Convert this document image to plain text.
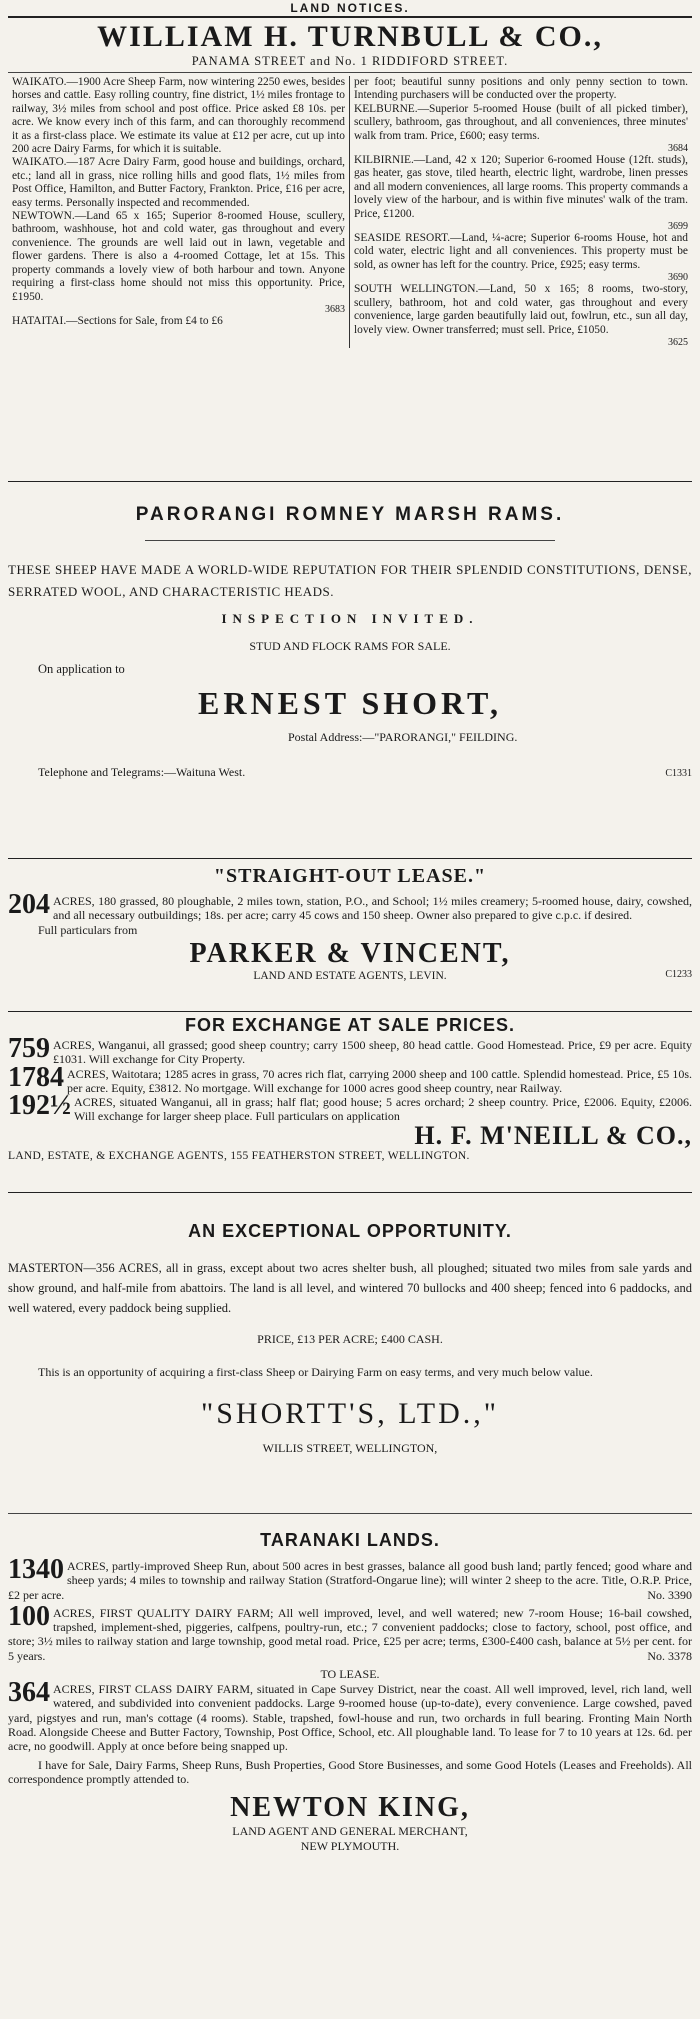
LAND NOTICES.
WILLIAM H. TURNBULL & CO.,
PANAMA STREET and No. 1 RIDDIFORD STREET.

WAIKATO.—1900 Acre Sheep Farm, now wintering 2250 ewes, besides horses and cattle. Easy rolling country, fine district, 1½ miles frontage to railway, 3½ miles from school and post office. Price asked £8 10s. per acre. We know every inch of this farm, and can thoroughly recommend it as a first-class place. We estimate its value at £12 per acre, cut up into 200 acre Dairy Farms, for which it is suitable.

WAIKATO.—187 Acre Dairy Farm, good house and buildings, orchard, etc.; land all in grass, nice rolling hills and good flats, 1½ miles from Post Office, Hamilton, and Butter Factory, Frankton. Price, £16 per acre, easy terms. Personally inspected and recommended.

NEWTOWN.—Land 65 x 165; Superior 8-roomed House, scullery, bathroom, washhouse, hot and cold water, gas throughout and every convenience. The grounds are well laid out in lawn, vegetable and flower gardens. There is also a 4-roomed Cottage, let at 15s. This property commands a lovely view of both harbour and town. Anyone requiring a first-class home should not miss this opportunity. Price, £1950.

3683

HATAITAI.—Sections for Sale, from £4 to £6

per foot; beautiful sunny positions and only penny section to town. Intending purchasers will be conducted over the property.

KELBURNE.—Superior 5-roomed House (built of all picked timber), scullery, bathroom, gas throughout, and all conveniences, three minutes' walk from tram. Price, £600; easy terms.

3684

KILBIRNIE.—Land, 42 x 120; Superior 6-roomed House (12ft. studs), gas heater, gas stove, tiled hearth, electric light, wardrobe, linen presses and all modern conveniences, all large rooms. This property commands a lovely view of the harbour, and is within five minutes' walk of the tram. Price, £1200.

3699

SEASIDE RESORT.—Land, ¼-acre; Superior 6-rooms House, hot and cold water, electric light and all conveniences. This property must be sold, as owner has left for the country. Price, £925; easy terms.

3690

SOUTH WELLINGTON.—Land, 50 x 165; 8 rooms, two-story, scullery, bathroom, hot and cold water, gas throughout and every convenience, large garden beautifully laid out, fowlrun, etc., sun all day, lovely view. Owner transferred; must sell. Price, £1050.

3625
PARORANGI ROMNEY MARSH RAMS.

THESE SHEEP HAVE MADE A WORLD-WIDE REPUTATION FOR THEIR SPLENDID CONSTITUTIONS, DENSE, SERRATED WOOL, AND CHARACTERISTIC HEADS.

INSPECTION INVITED.
STUD AND FLOCK RAMS FOR SALE.
On application to
ERNEST SHORT,
Postal Address:—"PARORANGI," FEILDING.
Telephone and Telegrams:—Waituna West.	C1331
"STRAIGHT-OUT LEASE."

204 ACRES, 180 grassed, 80 ploughable, 2 miles town, station, P.O., and School; 1½ miles creamery; 5-roomed house, dairy, cowshed, and all necessary outbuildings; 18s. per acre; carry 45 cows and 150 sheep. Owner also prepared to give c.p.c. if desired.

Full particulars from
PARKER & VINCENT,
LAND AND ESTATE AGENTS, LEVIN.	C1233
FOR EXCHANGE AT SALE PRICES.

759 ACRES, Wanganui, all grassed; good sheep country; carry 1500 sheep, 80 head cattle. Good Homestead. Price, £9 per acre. Equity £1031. Will exchange for City Property.

1784 ACRES, Waitotara; 1285 acres in grass, 70 acres rich flat, carrying 2000 sheep and 100 cattle. Splendid homestead. Price, £5 10s. per acre. Equity, £3812. No mortgage. Will exchange for 1000 acres good sheep country, near Railway.

192½ ACRES, situated Wanganui, all in grass; half flat; good house; 5 acres orchard; 2 sheep country. Price, £2006. Equity, £2006. Will exchange for larger sheep place. Full particulars on application

H. F. M'NEILL & CO.,
LAND, ESTATE, & EXCHANGE AGENTS, 155 FEATHERSTON STREET, WELLINGTON.
AN EXCEPTIONAL OPPORTUNITY.

MASTERTON—356 ACRES, all in grass, except about two acres shelter bush, all ploughed; situated two miles from sale yards and show ground, and half-mile from abattoirs. The land is all level, and wintered 70 bullocks and 400 sheep; fenced into 6 paddocks, and well watered, every paddock being supplied.

PRICE, £13 PER ACRE; £400 CASH.

This is an opportunity of acquiring a first-class Sheep or Dairying Farm on easy terms, and very much below value.

"SHORTT'S, LTD.,"
WILLIS STREET, WELLINGTON,
TARANAKI LANDS.

1340 ACRES, partly-improved Sheep Run, about 500 acres in best grasses, balance all good bush land; partly fenced; good whare and sheep yards; 4 miles to township and railway Station (Stratford-Ongarue line); will winter 2 sheep to the acre. Title, O.R.P. Price, £2 per acre.	No. 3390

100 ACRES, FIRST QUALITY DAIRY FARM; All well improved, level, and well watered; new 7-room House; 16-bail cowshed, trapshed, implement-shed, piggeries, calfpens, poultry-run, etc.; 7 convenient paddocks; close to factory, school, post office, and store; 3½ miles to railway station and large township, good metal road. Price, £25 per acre; terms, £300-£400 cash, balance at 5½ per cent. for 5 years.	No. 3378

TO LEASE.

364 ACRES, FIRST CLASS DAIRY FARM, situated in Cape Survey District, near the coast. All well improved, level, rich land, well watered, and subdivided into convenient paddocks. Large 9-roomed house (up-to-date), every convenience. Large cowshed, paved yard, pigstyes and run, man's cottage (4 rooms). Stable, trapshed, fowl-house and run, two orchards in full bearing. Fronting Main North Road. Alongside Cheese and Butter Factory, Township, Post Office, School, etc. All ploughable land. To lease for 7 to 10 years at 12s. 6d. per acre, no goodwill. Apply at once before being snapped up.

I have for Sale, Dairy Farms, Sheep Runs, Bush Properties, Good Store Businesses, and some Good Hotels (Leases and Freeholds). All correspondence promptly attended to.

NEWTON KING,
LAND AGENT AND GENERAL MERCHANT,
NEW PLYMOUTH.
